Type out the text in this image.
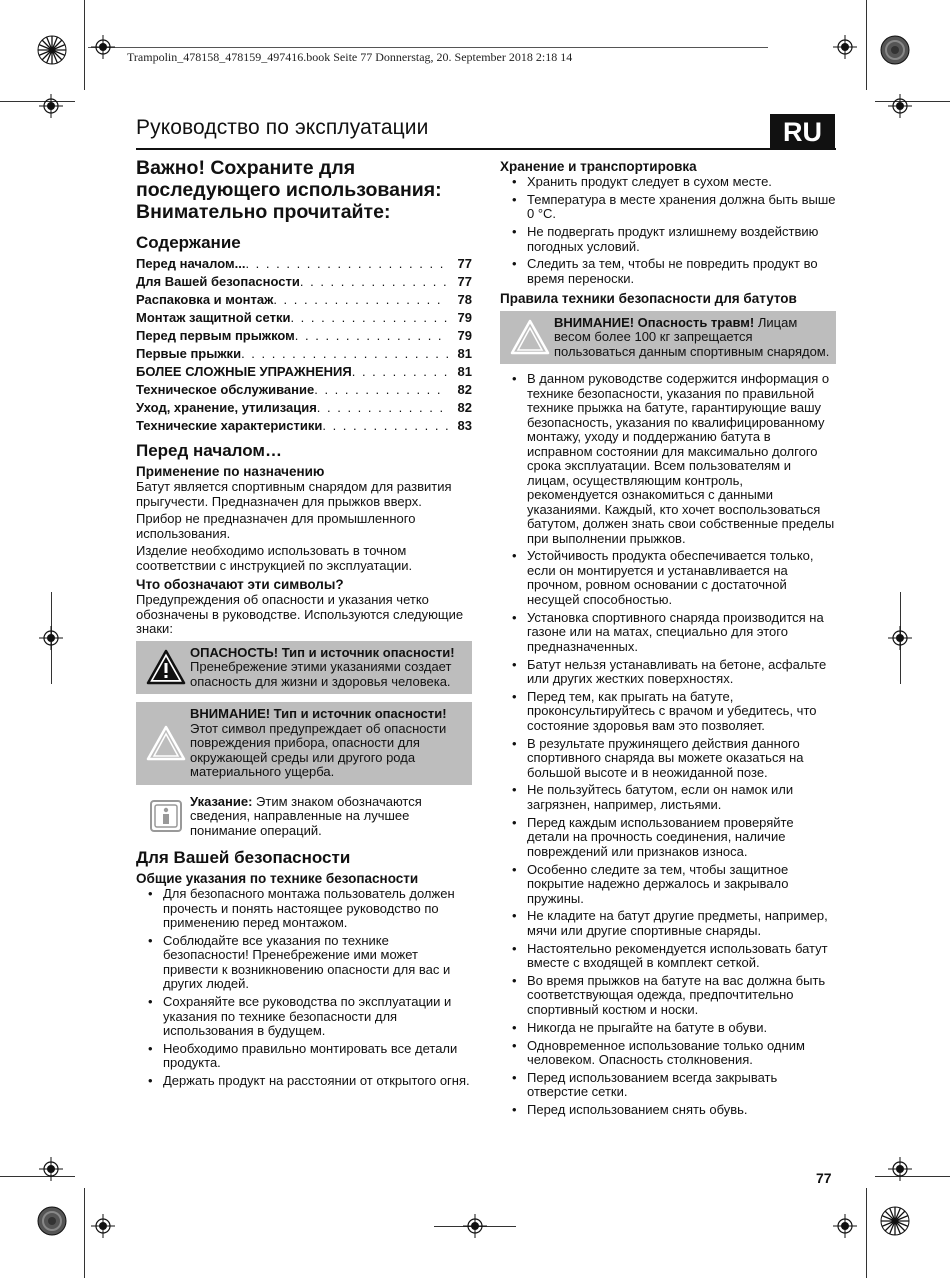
Trampolin_478158_478159_497416.book Seite 77 Donnerstag, 20. September 2018 2:18 14
Руководство по эксплуатации	RU
Важно! Сохраните для последующего использования: Внимательно прочитайте:
Содержание
Перед началом... . . .	77
Для Вашей безопасности . . .	77
Распаковка и монтаж . . .	78
Монтаж защитной сетки . . .	79
Перед первым прыжком . . .	79
Первые прыжки . . .	81
БОЛЕЕ СЛОЖНЫЕ УПРАЖНЕНИЯ . . .	81
Техническое обслуживание . . .	82
Уход, хранение, утилизация . . .	82
Технические характеристики . . .	83
Перед началом…
Применение по назначению

Батут является спортивным снарядом для развития прыгучести. Предназначен для прыжков вверх.

Прибор не предназначен для промышленного использования.

Изделие необходимо использовать в точном соответствии с инструкцией по эксплуатации.

Что обозначают эти символы?

Предупреждения об опасности и указания четко обозначены в руководстве. Используются следующие знаки:

ОПАСНОСТЬ! Тип и источник опасности! Пренебрежение этими указаниями создает опасность для жизни и здоровья человека.
ВНИМАНИЕ! Тип и источник опасности! Этот символ предупреждает об опасности повреждения прибора, опасности для окружающей среды или другого рода материального ущерба.
Указание: Этим знаком обозначаются сведения, направленные на лучшее понимание операций.
Для Вашей безопасности
Общие указания по технике безопасности
• Для безопасного монтажа пользователь должен прочесть и понять настоящее руководство по применению перед монтажом.
• Соблюдайте все указания по технике безопасности! Пренебрежение ими может привести к возникновению опасности для вас и других людей.
• Сохраняйте все руководства по эксплуатации и указания по технике безопасности для использования в будущем.
• Необходимо правильно монтировать все детали продукта.
• Держать продукт на расстоянии от открытого огня.
Хранение и транспортировка
• Хранить продукт следует в сухом месте.
• Температура в месте хранения должна быть выше 0 °C.
• Не подвергать продукт излишнему воздействию погодных условий.
• Следить за тем, чтобы не повредить продукт во время переноски.
Правила техники безопасности для батутов
ВНИМАНИЕ! Опасность травм! Лицам весом более 100 кг запрещается пользоваться данным спортивным снарядом.
• В данном руководстве содержится информация о технике безопасности, указания по правильной технике прыжка на батуте, гарантирующие вашу безопасность, указания по квалифицированному монтажу, уходу и поддержанию батута в исправном состоянии для максимально долгого срока эксплуатации. Всем пользователям и лицам, осуществляющим контроль, рекомендуется ознакомиться с данными указаниями. Каждый, кто хочет воспользоваться батутом, должен знать свои собственные пределы при выполнении прыжков.
• Устойчивость продукта обеспечивается только, если он монтируется и устанавливается на прочном, ровном основании с достаточной несущей способностью.
• Установка спортивного снаряда производится на газоне или на матах, специально для этого предназначенных.
• Батут нельзя устанавливать на бетоне, асфальте или других жестких поверхностях.
• Перед тем, как прыгать на батуте, проконсультируйтесь с врачом и убедитесь, что состояние здоровья вам это позволяет.
• В результате пружинящего действия данного спортивного снаряда вы можете оказаться на большой высоте и в неожиданной позе.
• Не пользуйтесь батутом, если он намок или загрязнен, например, листьями.
• Перед каждым использованием проверяйте детали на прочность соединения, наличие повреждений или признаков износа.
• Особенно следите за тем, чтобы защитное покрытие надежно держалось и закрывало пружины.
• Не кладите на батут другие предметы, например, мячи или другие спортивные снаряды.
• Настоятельно рекомендуется использовать батут вместе с входящей в комплект сеткой.
• Во время прыжков на батуте на вас должна быть соответствующая одежда, предпочтительно спортивный костюм и носки.
• Никогда не прыгайте на батуте в обуви.
• Одновременное использование только одним человеком. Опасность столкновения.
• Перед использованием всегда закрывать отверстие сетки.
• Перед использованием снять обувь.
77
